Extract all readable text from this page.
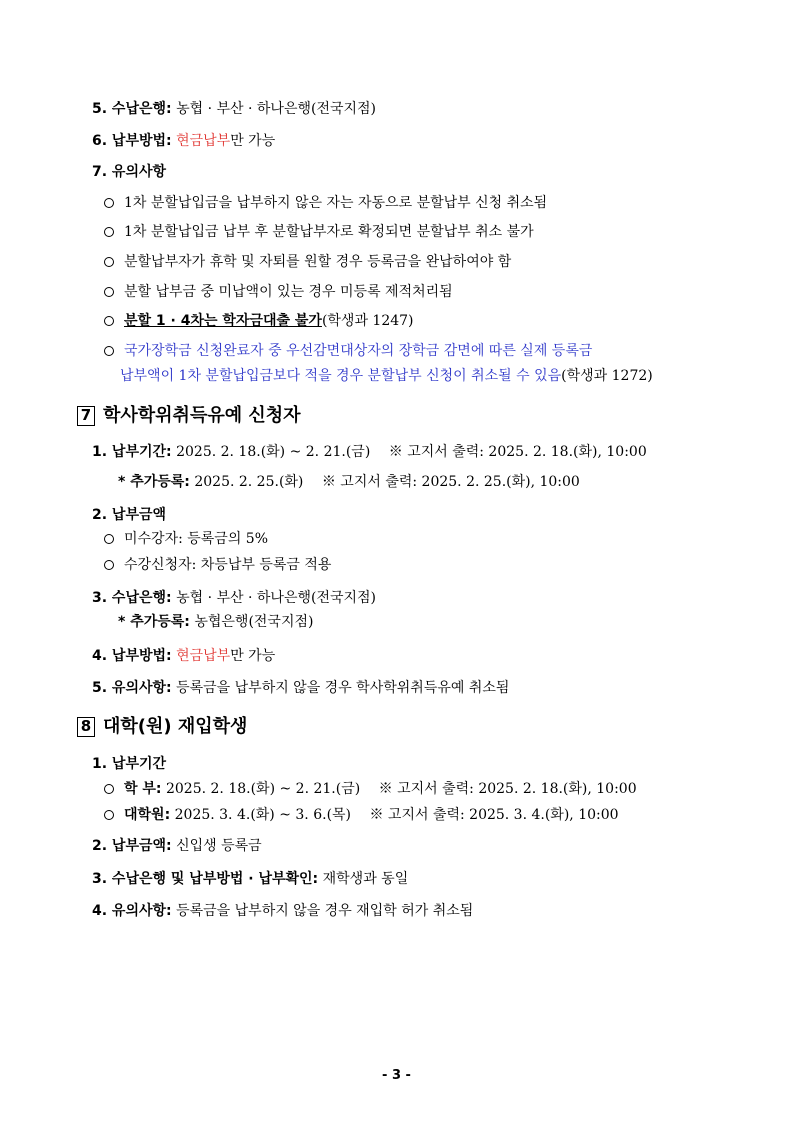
5. 수납은행: 농협 · 부산 · 하나은행(전국지점)
6. 납부방법: 현금납부만 가능
7. 유의사항
1차 분할납입금을 납부하지 않은 자는 자동으로 분할납부 신청 취소됨
1차 분할납입금 납부 후 분할납부자로 확정되면 분할납부 취소 불가
분할납부자가 휴학 및 자퇴를 원할 경우 등록금을 완납하여야 함
분할 납부금 중 미납액이 있는 경우 미등록 제적처리됨
분할 1 · 4차는 학자금대출 불가(학생과 1247)
국가장학금 신청완료자 중 우선감면대상자의 장학금 감면에 따른 실제 등록금
납부액이 1차 분할납입금보다 적을 경우 분할납부 신청이 취소될 수 있음(학생과 1272)
7 학사학위취득유예 신청자
1. 납부기간: 2025. 2. 18.(화) ~ 2. 21.(금) ※ 고지서 출력: 2025. 2. 18.(화), 10:00
* 추가등록: 2025. 2. 25.(화) ※ 고지서 출력: 2025. 2. 25.(화), 10:00
2. 납부금액
미수강자: 등록금의 5%
수강신청자: 차등납부 등록금 적용
3. 수납은행: 농협 · 부산 · 하나은행(전국지점)
* 추가등록: 농협은행(전국지점)
4. 납부방법: 현금납부만 가능
5. 유의사항: 등록금을 납부하지 않을 경우 학사학위취득유예 취소됨
8 대학(원) 재입학생
1. 납부기간
학 부: 2025. 2. 18.(화) ~ 2. 21.(금) ※ 고지서 출력: 2025. 2. 18.(화), 10:00
대학원: 2025. 3. 4.(화) ~ 3. 6.(목) ※ 고지서 출력: 2025. 3. 4.(화), 10:00
2. 납부금액: 신입생 등록금
3. 수납은행 및 납부방법 · 납부확인: 재학생과 동일
4. 유의사항: 등록금을 납부하지 않을 경우 재입학 허가 취소됨
- 3 -
